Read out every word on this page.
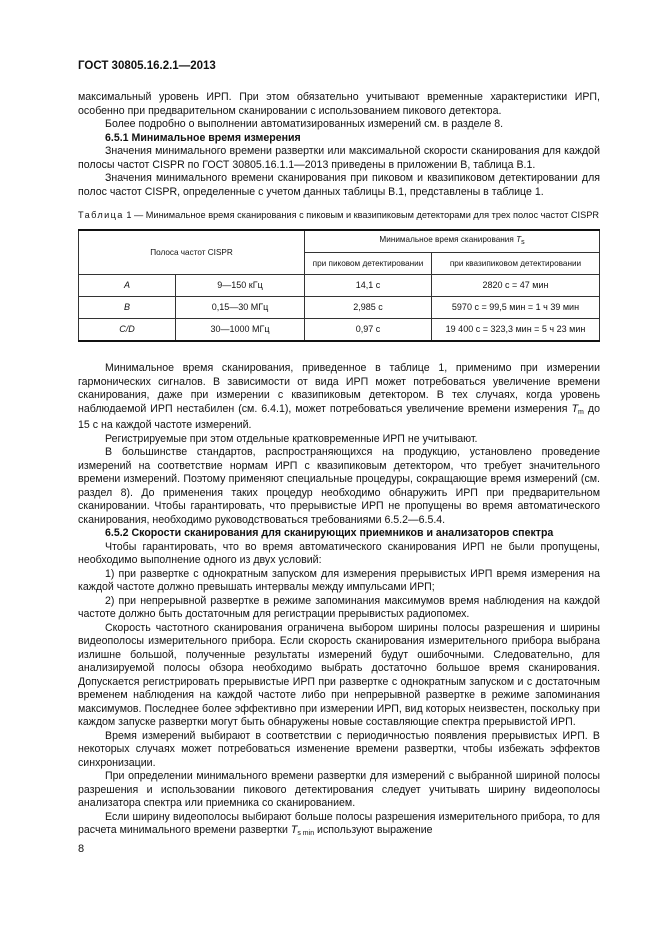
ГОСТ 30805.16.2.1—2013

максимальный уровень ИРП. При этом обязательно учитывают временные характеристики ИРП, особенно при предварительном сканировании с использованием пикового детектора.

Более подробно о выполнении автоматизированных измерений см. в разделе 8.

6.5.1 Минимальное время измерения

Значения минимального времени развертки или максимальной скорости сканирования для каждой полосы частот CISPR по ГОСТ 30805.16.1.1—2013 приведены в приложении В, таблица В.1.

Значения минимального времени сканирования при пиковом и квазипиковом детектировании для полос частот CISPR, определенные с учетом данных таблицы В.1, представлены в таблице 1.

Таблица 1 — Минимальное время сканирования с пиковым и квазипиковым детекторами для трех полос частот CISPR

Полоса частот CISPR		Минимальное время сканирования Ts	
		при пиковом детектировании	при квазипиковом детектировании
A	9—150 кГц	14,1 с	2820 с = 47 мин
B	0,15—30 МГц	2,985 с	5970 с = 99,5 мин = 1 ч 39 мин
C/D	30—1000 МГц	0,97 с	19 400 с = 323,3 мин = 5 ч 23 мин

Минимальное время сканирования, приведенное в таблице 1, применимо при измерении гармонических сигналов. В зависимости от вида ИРП может потребоваться увеличение времени сканирования, даже при измерении с квазипиковым детектором. В тех случаях, когда уровень наблюдаемой ИРП нестабилен (см. 6.4.1), может потребоваться увеличение времени измерения $T_m$ до 15 с на каждой частоте измерений.

Регистрируемые при этом отдельные кратковременные ИРП не учитывают.

В большинстве стандартов, распространяющихся на продукцию, установлено проведение измерений на соответствие нормам ИРП с квазипиковым детектором, что требует значительного времени измерений. Поэтому применяют специальные процедуры, сокращающие время измерений (см. раздел 8). До применения таких процедур необходимо обнаружить ИРП при предварительном сканировании. Чтобы гарантировать, что прерывистые ИРП не пропущены во время автоматического сканирования, необходимо руководствоваться требованиями 6.5.2—6.5.4.

6.5.2 Скорости сканирования для сканирующих приемников и анализаторов спектра

Чтобы гарантировать, что во время автоматического сканирования ИРП не были пропущены, необходимо выполнение одного из двух условий:

1) при развертке с однократным запуском для измерения прерывистых ИРП время измерения на каждой частоте должно превышать интервалы между импульсами ИРП;

2) при непрерывной развертке в режиме запоминания максимумов время наблюдения на каждой частоте должно быть достаточным для регистрации прерывистых радиопомех.

Скорость частотного сканирования ограничена выбором ширины полосы разрешения и ширины видеополосы измерительного прибора. Если скорость сканирования измерительного прибора выбрана излишне большой, полученные результаты измерений будут ошибочными. Следовательно, для анализируемой полосы обзора необходимо выбрать достаточно большое время сканирования. Допускается регистрировать прерывистые ИРП при развертке с однократным запуском и с достаточным временем наблюдения на каждой частоте либо при непрерывной развертке в режиме запоминания максимумов. Последнее более эффективно при измерении ИРП, вид которых неизвестен, поскольку при каждом запуске развертки могут быть обнаружены новые составляющие спектра прерывистой ИРП.

Время измерений выбирают в соответствии с периодичностью появления прерывистых ИРП. В некоторых случаях может потребоваться изменение времени развертки, чтобы избежать эффектов синхронизации.

При определении минимального времени развертки для измерений с выбранной шириной полосы разрешения и использовании пикового детектирования следует учитывать ширину видеополосы анализатора спектра или приемника со сканированием.

Если ширину видеополосы выбирают больше полосы разрешения измерительного прибора, то для расчета минимального времени развертки $T_{s min}$ используют выражение

8
